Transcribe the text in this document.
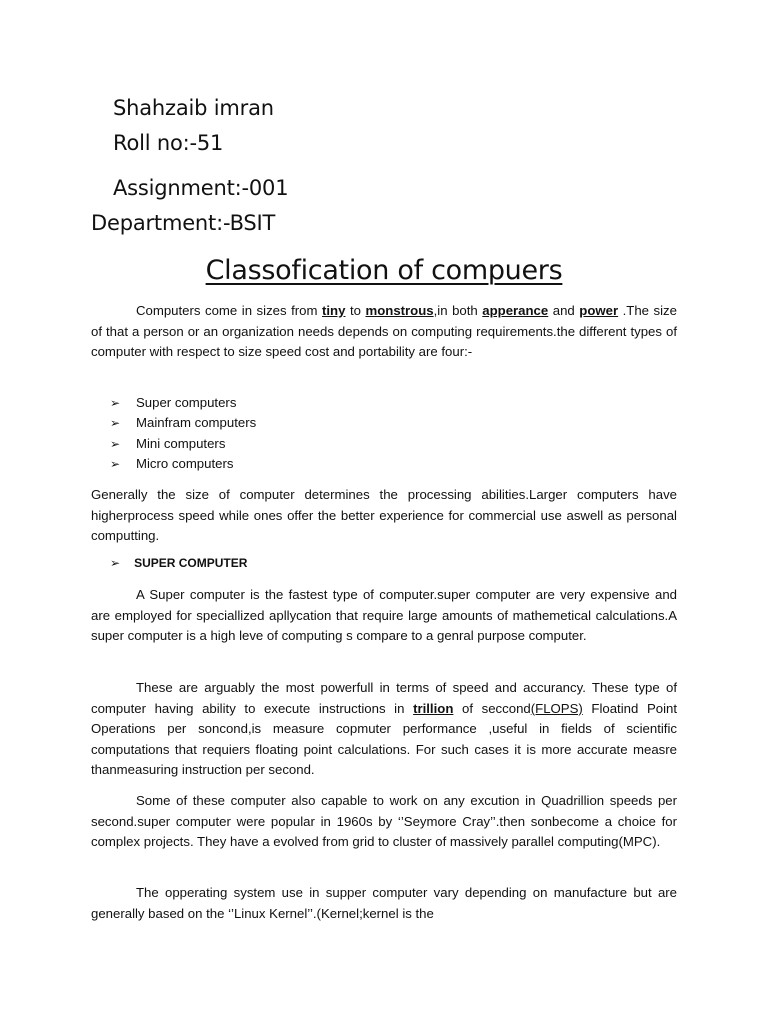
Shahzaib imran
Roll no:-51
Assignment:-001
Department:-BSIT
Classofication of compuers

Computers come in sizes from tiny to monstrous,in both apperance and power .The size of that a person or an organization needs depends on computing requirements.the different types of computer with respect to size speed cost and portability are four:-

➢ Super computers
➢ Mainfram computers
➢ Mini computers
➢ Micro computers

Generally the size of computer determines the processing abilities.Larger computers have higherprocess speed while ones offer the better experience for commercial use aswell as personal computting.

➢ SUPER COMPUTER

A Super computer is the fastest type of computer.super computer are very expensive and are employed for speciallized apllycation that require large amounts of mathemetical calculations.A super computer is a high leve of computing s compare to a genral purpose computer.

These are arguably the most powerfull in terms of speed and accurancy. These type of computer having ability to execute instructions in trillion of seccond(FLOPS) Floatind Point Operations per soncond,is measure copmuter performance ,useful in fields of scientific computations that requiers floating point calculations. For such cases it is more accurate measre thanmeasuring instruction per second.

Some of these computer also capable to work on any excution in Quadrillion speeds per second.super computer were popular in 1960s by ‘’Seymore Cray’’.then sonbecome a choice for complex projects. They have a evolved from grid to cluster of massively parallel computing(MPC).

The opperating system use in supper computer vary depending on manufacture but are generally based on the ‘’Linux Kernel’’.(Kernel;kernel is the
